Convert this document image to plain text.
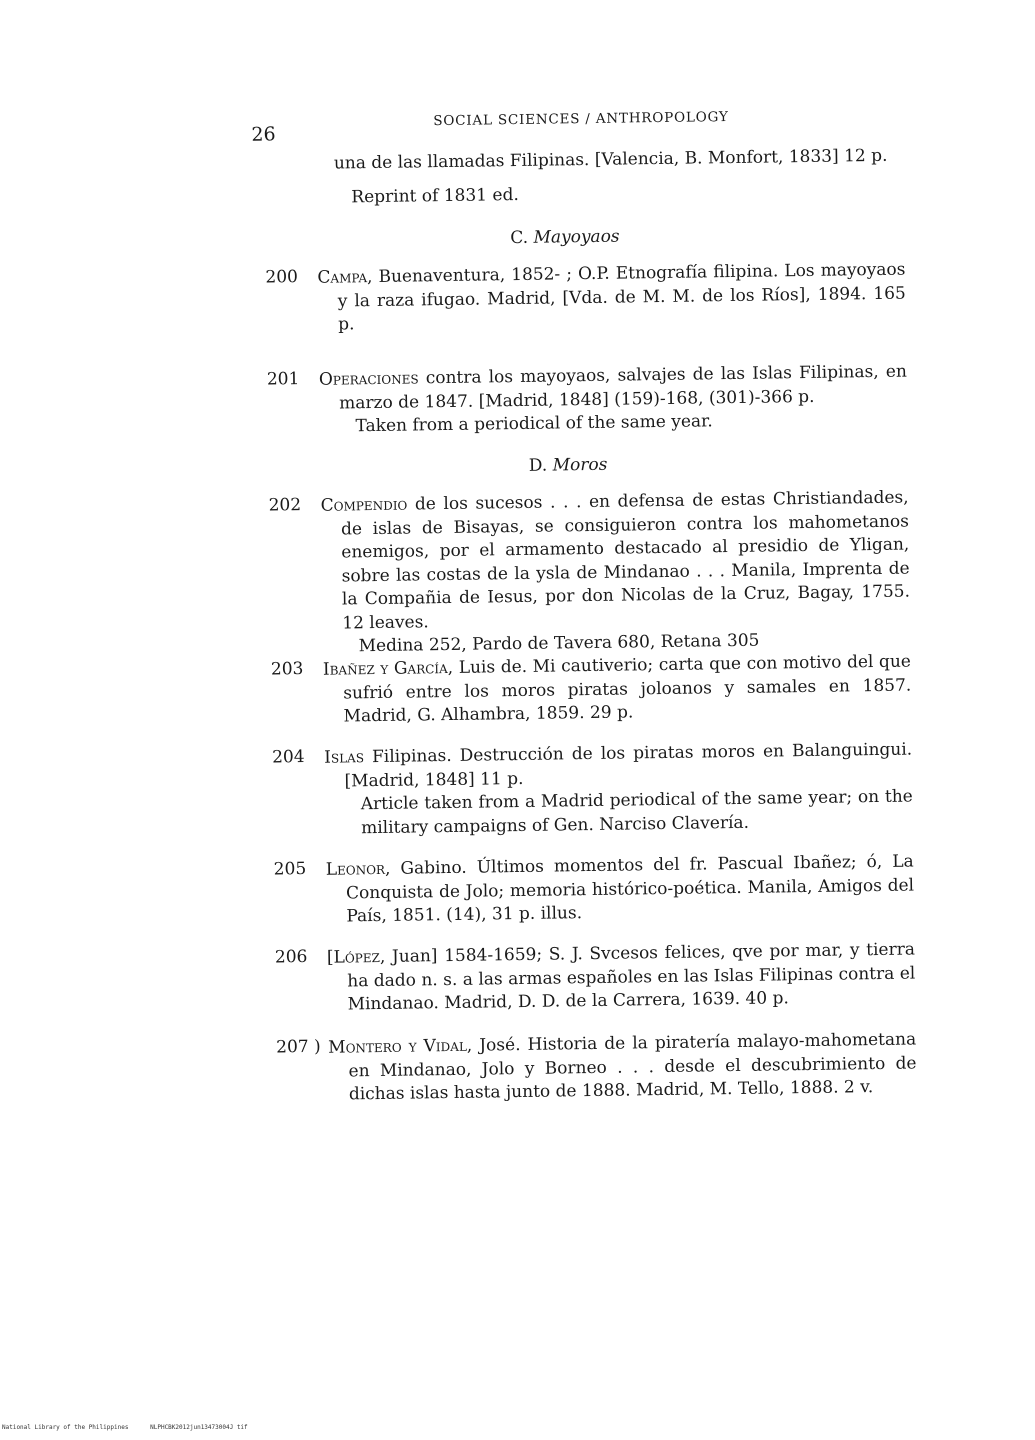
26
SOCIAL SCIENCES / ANTHROPOLOGY
una de las llamadas Filipinas. [Valencia, B. Monfort, 1833] 12 p.
Reprint of 1831 ed.
C. Mayoyaos
200 Campa, Buenaventura, 1852- ; O.P. Etnografía filipina. Los mayoyaos y la raza ifugao. Madrid, [Vda. de M. M. de los Ríos], 1894. 165 p.
201 Operaciones contra los mayoyaos, salvajes de las Islas Filipinas, en marzo de 1847. [Madrid, 1848] (159)-168, (301)-366 p.
Taken from a periodical of the same year.
D. Moros
202 Compendio de los sucesos . . . en defensa de estas Christiandades, de islas de Bisayas, se consiguieron contra los mahometanos enemigos, por el armamento destacado al presidio de Yligan, sobre las costas de la ysla de Mindanao . . . Manila, Imprenta de la Compañia de Iesus, por don Nicolas de la Cruz, Bagay, 1755. 12 leaves.
Medina 252, Pardo de Tavera 680, Retana 305
203 Ibañez y García, Luis de. Mi cautiverio; carta que con motivo del que sufrió entre los moros piratas joloanos y samales en 1857. Madrid, G. Alhambra, 1859. 29 p.
204 Islas Filipinas. Destrucción de los piratas moros en Balanguingui. [Madrid, 1848] 11 p.
Article taken from a Madrid periodical of the same year; on the military campaigns of Gen. Narciso Clavería.
205 Leonor, Gabino. Últimos momentos del fr. Pascual Ibañez; ó, La Conquista de Jolo; memoria histórico-poética. Manila, Amigos del País, 1851. (14), 31 p. illus.
206 [López, Juan] 1584-1659; S. J. Svcesos felices, qve por mar, y tierra ha dado n. s. a las armas españoles en las Islas Filipinas contra el Mindanao. Madrid, D. D. de la Carrera, 1639. 40 p.
207 ) Montero y Vidal, José. Historia de la piratería malayo-mahometana en Mindanao, Jolo y Borneo . . . desde el descubrimiento de dichas islas hasta junto de 1888. Madrid, M. Tello, 1888. 2 v.
National Library of the Philippines	NLPHCBK2012jun13473004J tif
